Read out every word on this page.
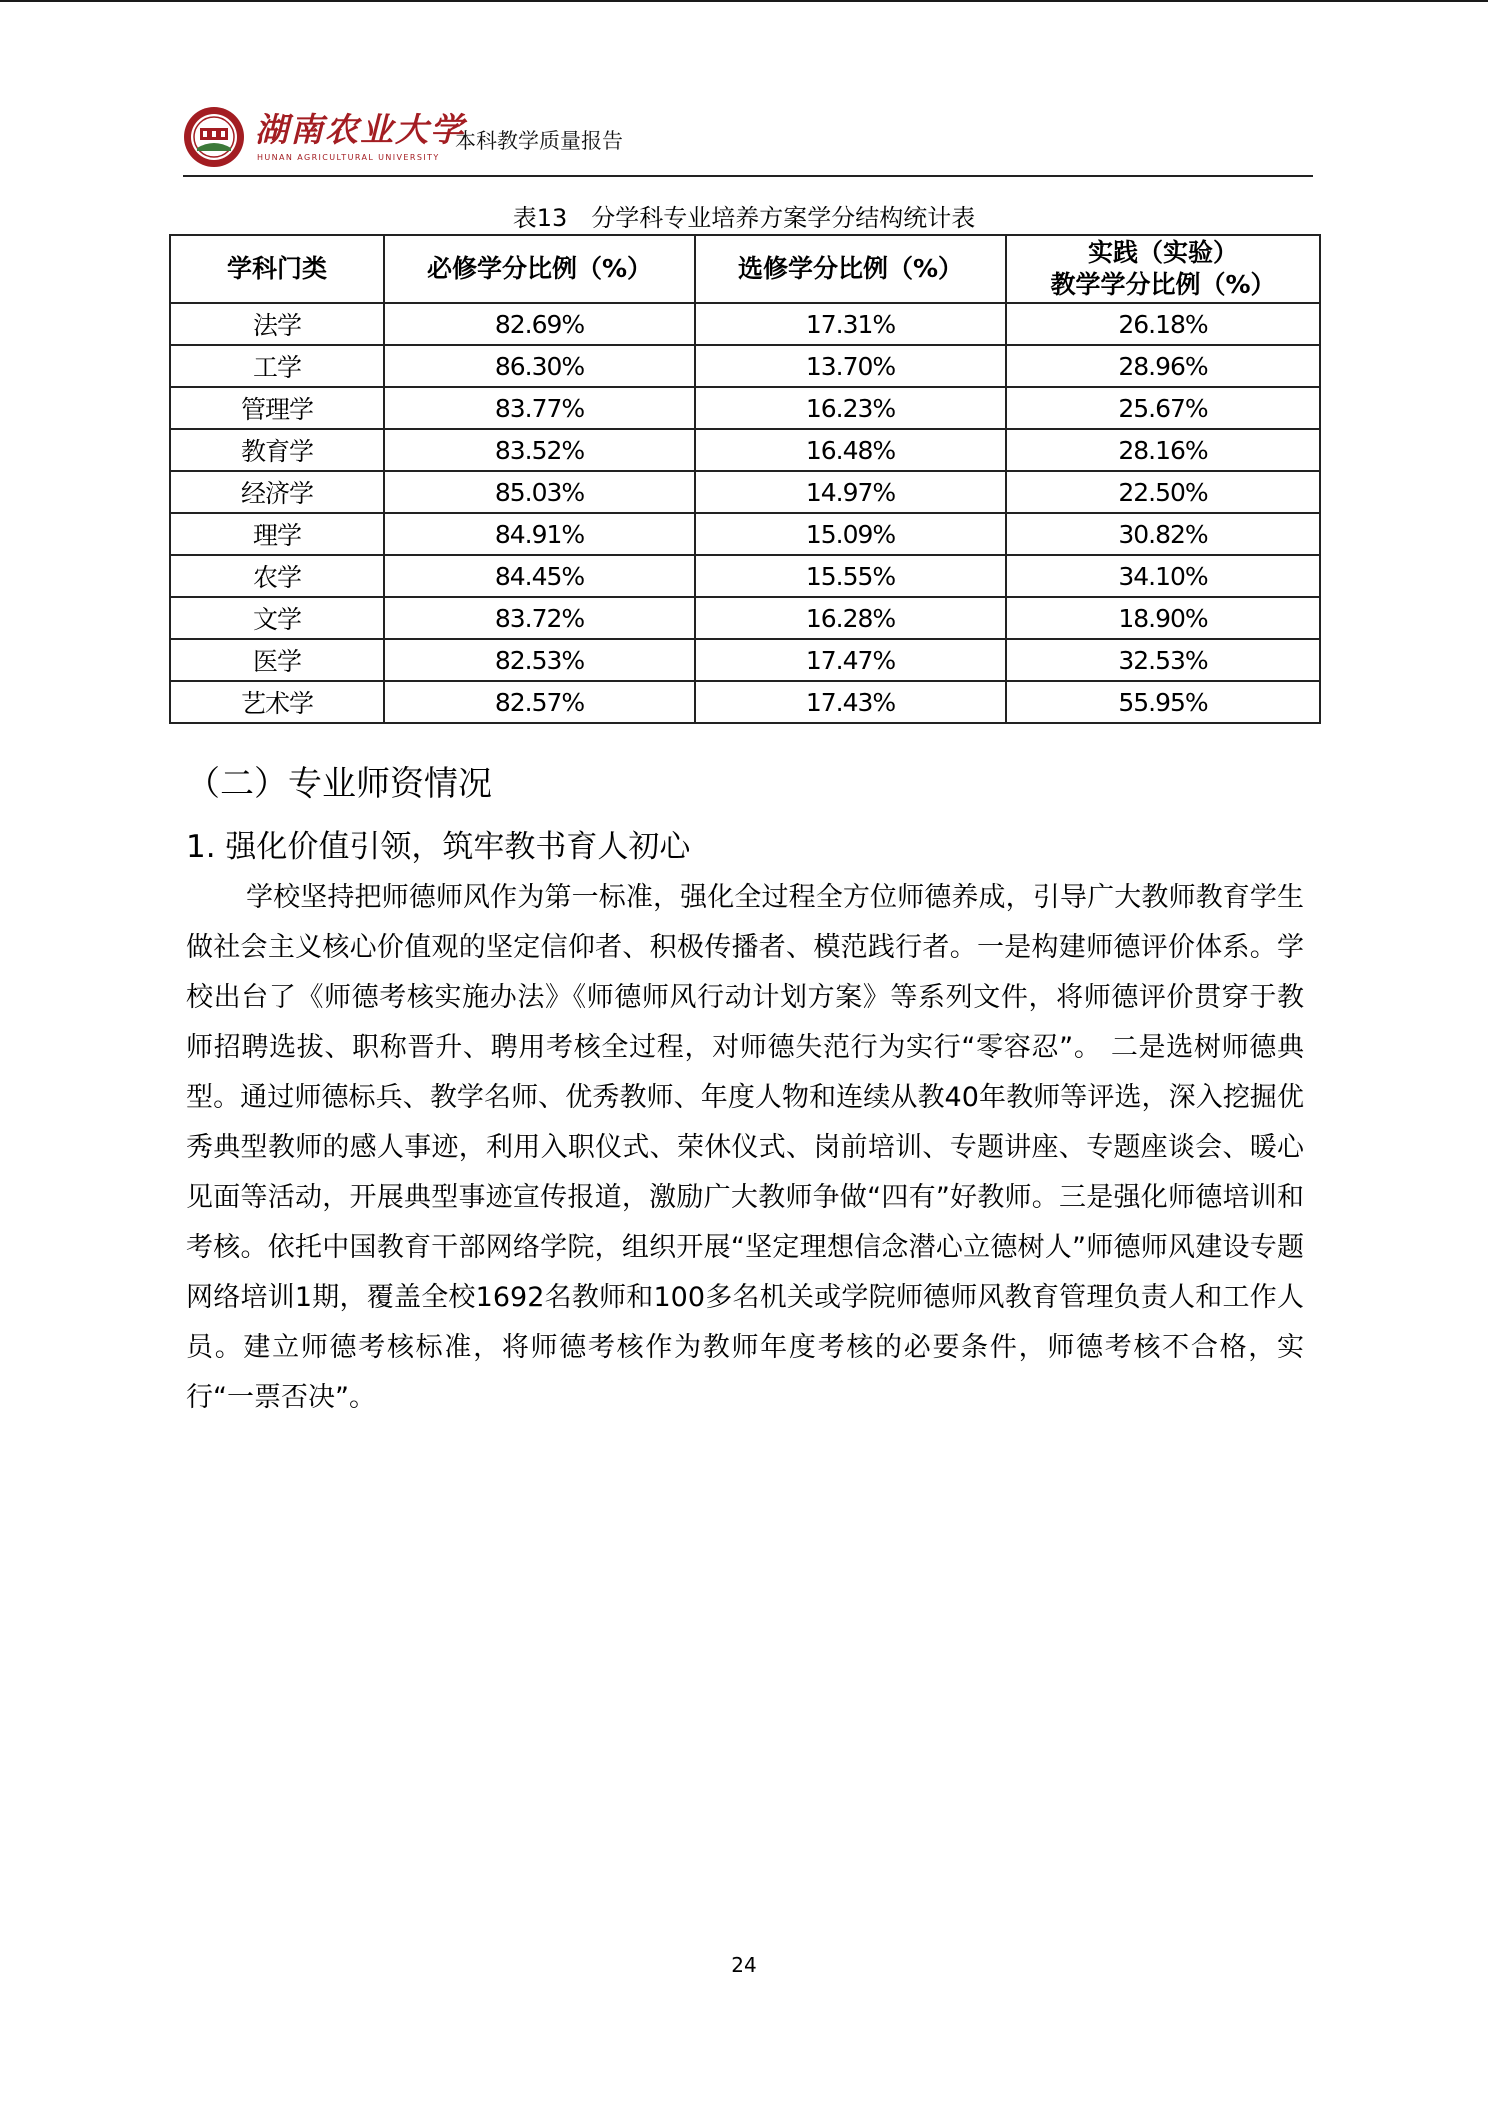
湖南农业大学
HUNAN AGRICULTURAL UNIVERSITY
本科教学质量报告
表13　分学科专业培养方案学分结构统计表
学科门类	必修学分比例（%）	选修学分比例（%）	实践（实验）
教学学分比例（%）
法学	82.69%	17.31%	26.18%
工学	86.30%	13.70%	28.96%
管理学	83.77%	16.23%	25.67%
教育学	83.52%	16.48%	28.16%
经济学	85.03%	14.97%	22.50%
理学	84.91%	15.09%	30.82%
农学	84.45%	15.55%	34.10%
文学	83.72%	16.28%	18.90%
医学	82.53%	17.47%	32.53%
艺术学	82.57%	17.43%	55.95%
（二）专业师资情况
1. 强化价值引领，筑牢教书育人初心

学校坚持把师德师风作为第一标准，强化全过程全方位师德养成，引导广大教师教育学生做社会主义核心价值观的坚定信仰者、积极传播者、模范践行者。一是构建师德评价体系。学校出台了《师德考核实施办法》《师德师风行动计划方案》等系列文件，将师德评价贯穿于教师招聘选拔、职称晋升、聘用考核全过程，对师德失范行为实行“零容忍”。 二是选树师德典型。通过师德标兵、教学名师、优秀教师、年度人物和连续从教40年教师等评选，深入挖掘优秀典型教师的感人事迹，利用入职仪式、荣休仪式、岗前培训、专题讲座、专题座谈会、暖心见面等活动，开展典型事迹宣传报道，激励广大教师争做“四有”好教师。三是强化师德培训和考核。依托中国教育干部网络学院，组织开展“坚定理想信念潜心立德树人”师德师风建设专题网络培训1期，覆盖全校1692名教师和100多名机关或学院师德师风教育管理负责人和工作人员。建立师德考核标准，将师德考核作为教师年度考核的必要条件，师德考核不合格，实行“一票否决”。

24
